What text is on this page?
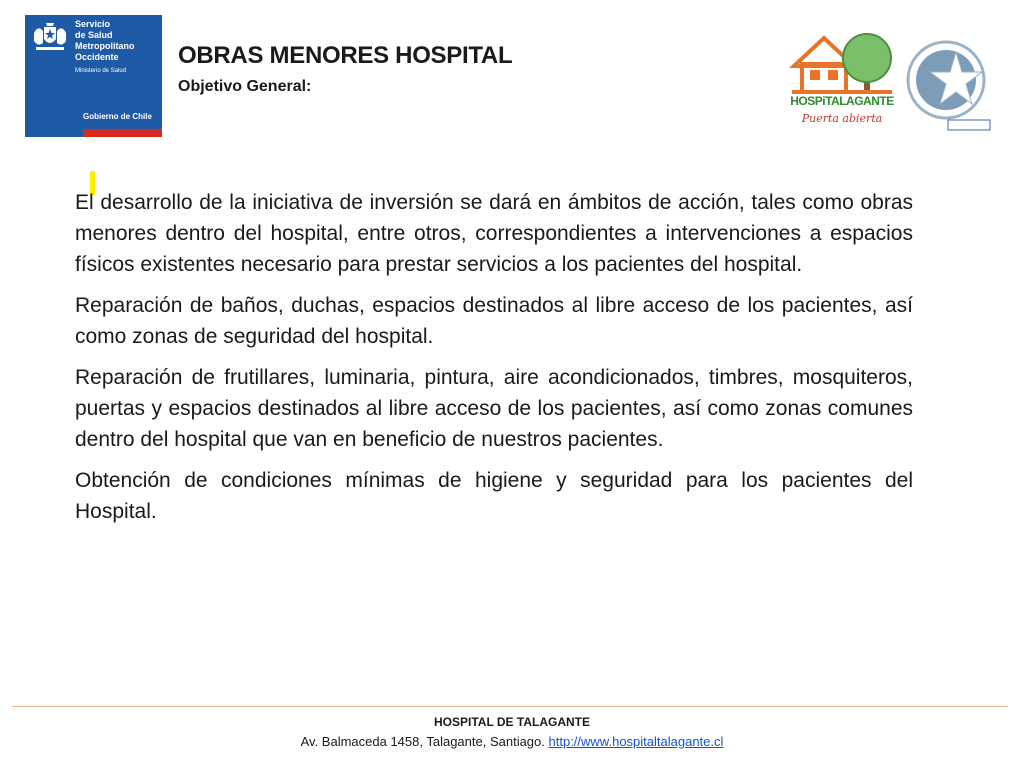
Servicio
de Salud
Metropolitano
Occidente
Ministerio de Salud
Gobierno de Chile
OBRAS MENORES HOSPITAL
Objetivo General:
HOSPiTALAGANTE
Puerta abierta

El desarrollo de la iniciativa de inversión se dará en ámbitos de acción, tales como obras menores dentro del hospital, entre otros, correspondientes a intervenciones a espacios físicos existentes necesario para prestar servicios a los pacientes del hospital.

Reparación de baños, duchas, espacios destinados al libre acceso de los pacientes, así como zonas de seguridad del hospital.

Reparación de frutillares, luminaria, pintura, aire acondicionados, timbres, mosquiteros, puertas y espacios destinados al libre acceso de los pacientes, así como zonas comunes dentro del hospital que van en beneficio de nuestros pacientes.

Obtención de condiciones mínimas de higiene y seguridad para los pacientes del Hospital.

HOSPITAL DE TALAGANTE
Av. Balmaceda 1458, Talagante, Santiago. http://www.hospitaltalagante.cl
